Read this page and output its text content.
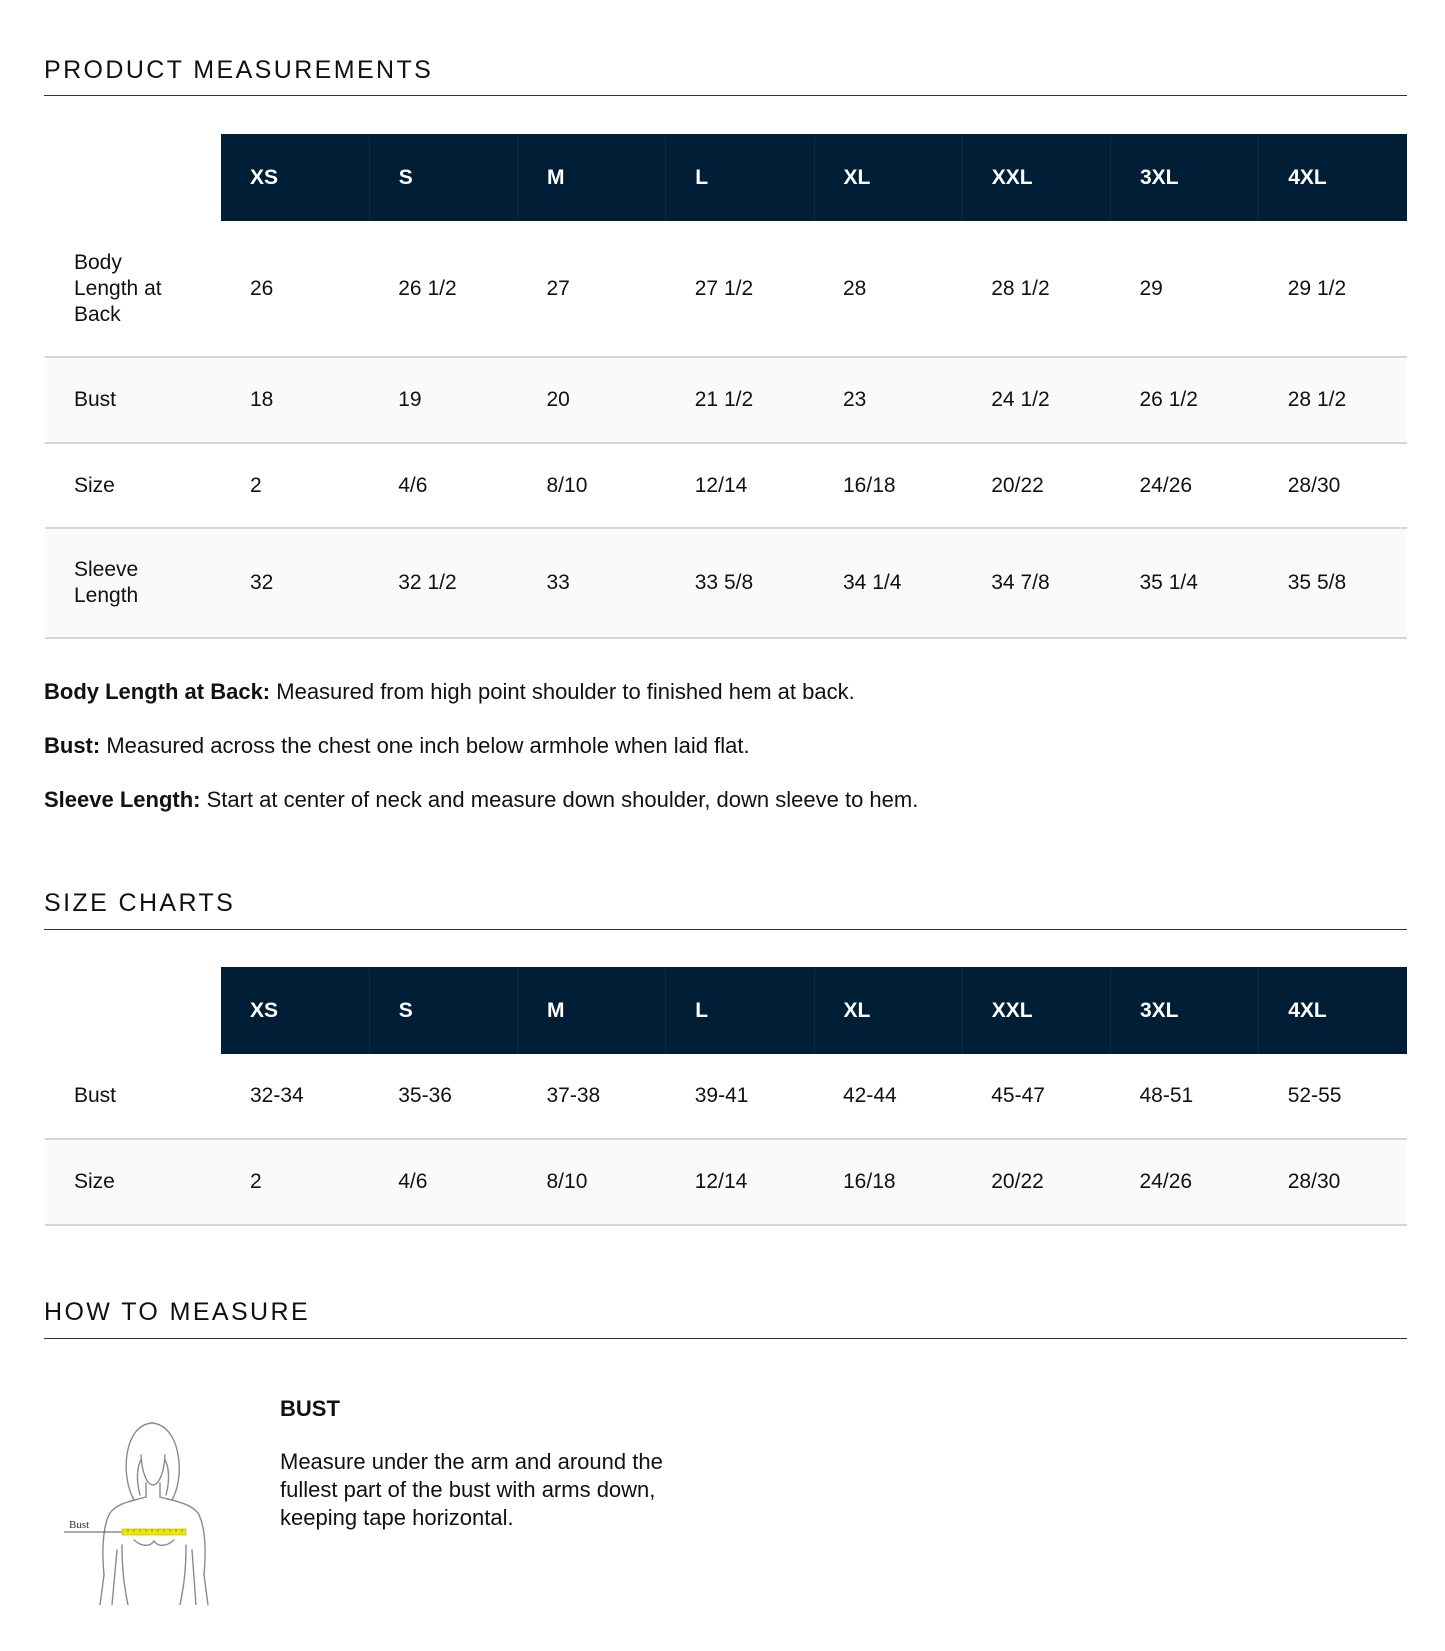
PRODUCT MEASUREMENTS
	XS	S	M	L	XL	XXL	3XL	4XL

Body Length at Back	26	26 1/2	27	27 1/2	28	28 1/2	29	29 1/2

Bust	18	19	20	21 1/2	23	24 1/2	26 1/2	28 1/2

Size	2	4/6	8/10	12/14	16/18	20/22	24/26	28/30

Sleeve Length	32	32 1/2	33	33 5/8	34 1/4	34 7/8	35 1/4	35 5/8

Body Length at Back: Measured from high point shoulder to finished hem at back.

Bust: Measured across the chest one inch below armhole when laid flat.

Sleeve Length: Start at center of neck and measure down shoulder, down sleeve to hem.

SIZE CHARTS
	XS	S	M	L	XL	XXL	3XL	4XL

Bust	32-34	35-36	37-38	39-41	42-44	45-47	48-51	52-55

Size	2	4/6	8/10	12/14	16/18	20/22	24/26	28/30
HOW TO MEASURE
Bust
BUST

Measure under the arm and around the fullest part of the bust with arms down, keeping tape horizontal.
